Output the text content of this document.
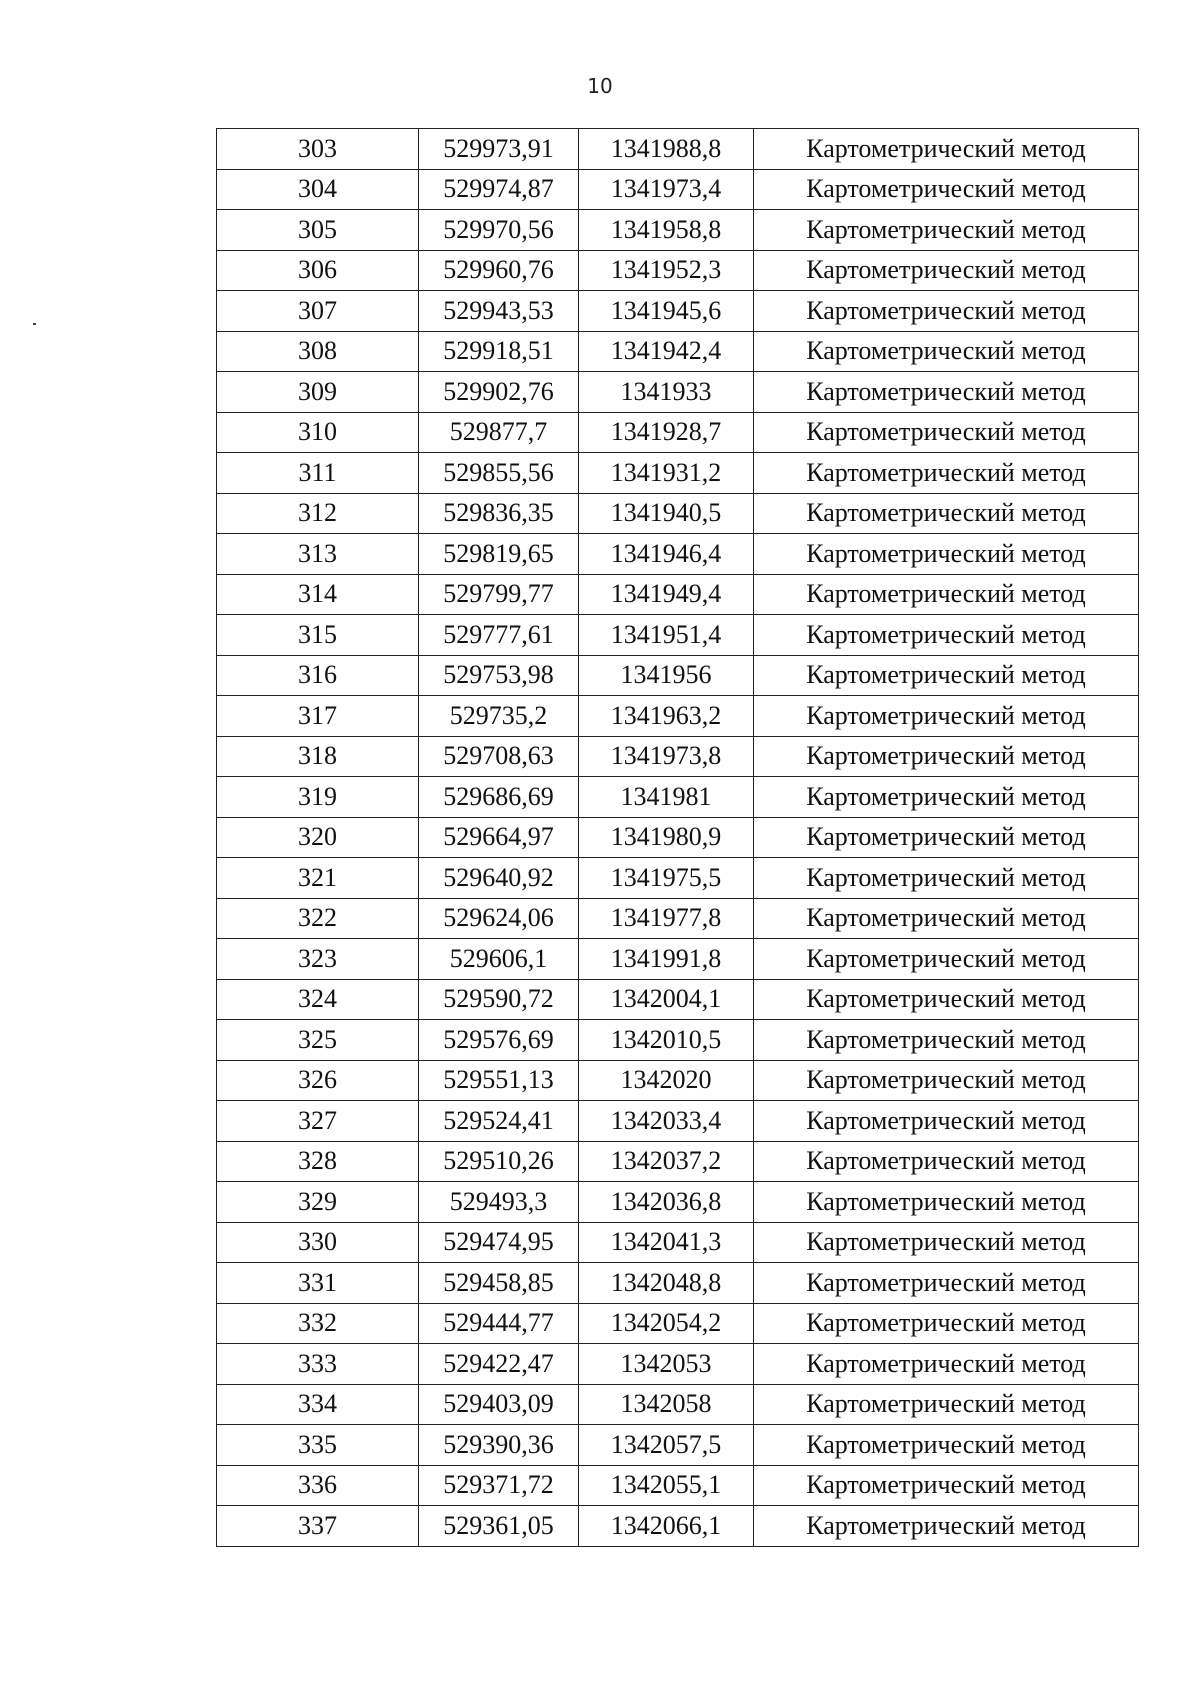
10
303	529973,91	1341988,8	Картометрический метод
304	529974,87	1341973,4	Картометрический метод
305	529970,56	1341958,8	Картометрический метод
306	529960,76	1341952,3	Картометрический метод
307	529943,53	1341945,6	Картометрический метод
308	529918,51	1341942,4	Картометрический метод
309	529902,76	1341933	Картометрический метод
310	529877,7	1341928,7	Картометрический метод
311	529855,56	1341931,2	Картометрический метод
312	529836,35	1341940,5	Картометрический метод
313	529819,65	1341946,4	Картометрический метод
314	529799,77	1341949,4	Картометрический метод
315	529777,61	1341951,4	Картометрический метод
316	529753,98	1341956	Картометрический метод
317	529735,2	1341963,2	Картометрический метод
318	529708,63	1341973,8	Картометрический метод
319	529686,69	1341981	Картометрический метод
320	529664,97	1341980,9	Картометрический метод
321	529640,92	1341975,5	Картометрический метод
322	529624,06	1341977,8	Картометрический метод
323	529606,1	1341991,8	Картометрический метод
324	529590,72	1342004,1	Картометрический метод
325	529576,69	1342010,5	Картометрический метод
326	529551,13	1342020	Картометрический метод
327	529524,41	1342033,4	Картометрический метод
328	529510,26	1342037,2	Картометрический метод
329	529493,3	1342036,8	Картометрический метод
330	529474,95	1342041,3	Картометрический метод
331	529458,85	1342048,8	Картометрический метод
332	529444,77	1342054,2	Картометрический метод
333	529422,47	1342053	Картометрический метод
334	529403,09	1342058	Картометрический метод
335	529390,36	1342057,5	Картометрический метод
336	529371,72	1342055,1	Картометрический метод
337	529361,05	1342066,1	Картометрический метод
